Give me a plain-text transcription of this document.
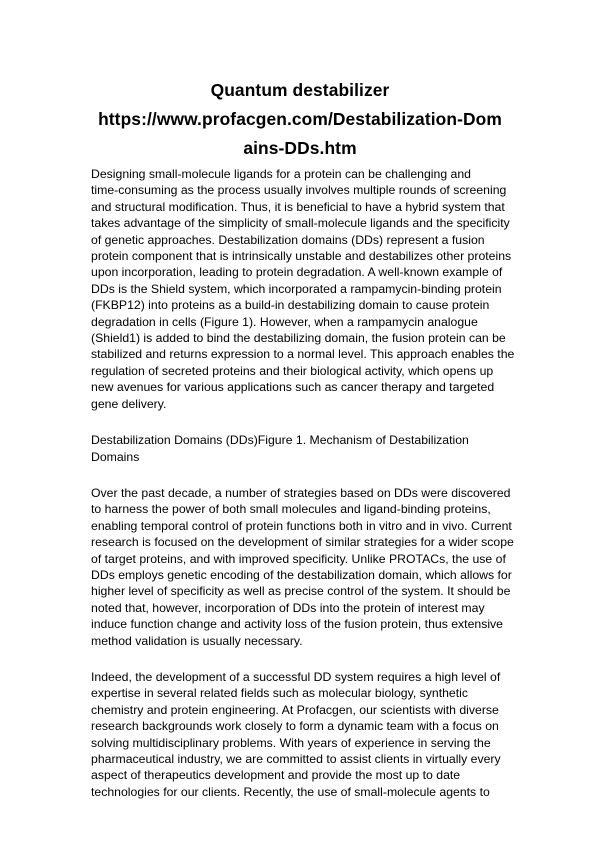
Quantum destabilizer
https://www.profacgen.com/Destabilization-Dom
ains-DDs.htm

Designing small-molecule ligands for a protein can be challenging and
time-consuming as the process usually involves multiple rounds of screening
and structural modification. Thus, it is beneficial to have a hybrid system that
takes advantage of the simplicity of small-molecule ligands and the specificity
of genetic approaches. Destabilization domains (DDs) represent a fusion
protein component that is intrinsically unstable and destabilizes other proteins
upon incorporation, leading to protein degradation. A well-known example of
DDs is the Shield system, which incorporated a rampamycin-binding protein
(FKBP12) into proteins as a build-in destabilizing domain to cause protein
degradation in cells (Figure 1). However, when a rampamycin analogue
(Shield1) is added to bind the destabilizing domain, the fusion protein can be
stabilized and returns expression to a normal level. This approach enables the
regulation of secreted proteins and their biological activity, which opens up
new avenues for various applications such as cancer therapy and targeted
gene delivery.

Destabilization Domains (DDs)Figure 1. Mechanism of Destabilization
Domains

Over the past decade, a number of strategies based on DDs were discovered
to harness the power of both small molecules and ligand-binding proteins,
enabling temporal control of protein functions both in vitro and in vivo. Current
research is focused on the development of similar strategies for a wider scope
of target proteins, and with improved specificity. Unlike PROTACs, the use of
DDs employs genetic encoding of the destabilization domain, which allows for
higher level of specificity as well as precise control of the system. It should be
noted that, however, incorporation of DDs into the protein of interest may
induce function change and activity loss of the fusion protein, thus extensive
method validation is usually necessary.

Indeed, the development of a successful DD system requires a high level of
expertise in several related fields such as molecular biology, synthetic
chemistry and protein engineering. At Profacgen, our scientists with diverse
research backgrounds work closely to form a dynamic team with a focus on
solving multidisciplinary problems. With years of experience in serving the
pharmaceutical industry, we are committed to assist clients in virtually every
aspect of therapeutics development and provide the most up to date
technologies for our clients. Recently, the use of small-molecule agents to
